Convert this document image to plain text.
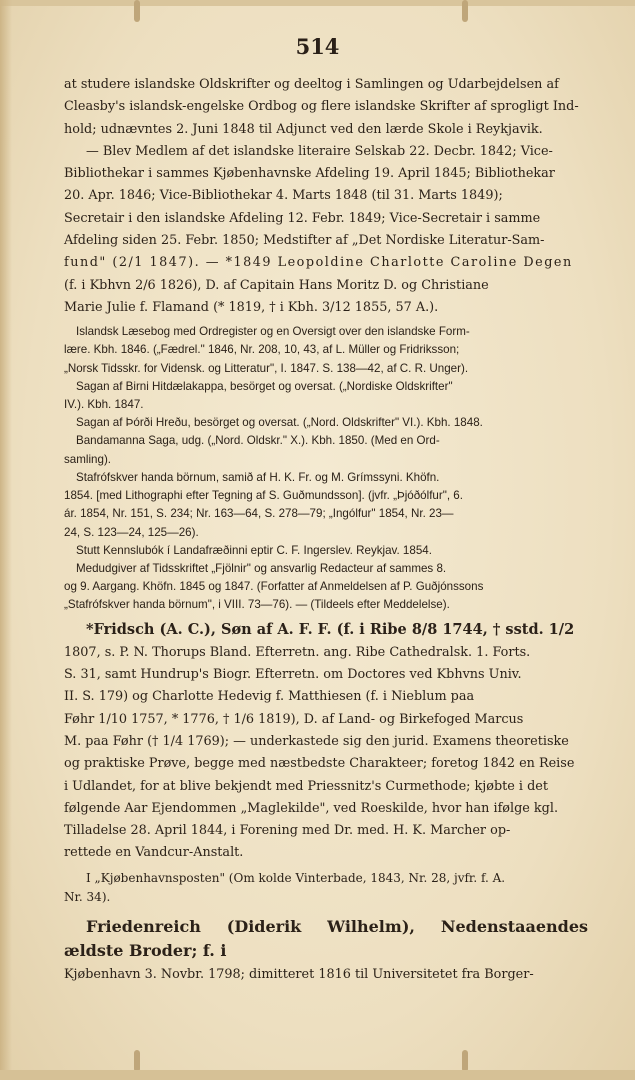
514

at studere islandske Oldskrifter og deeltog i Samlingen og Udarbejdelsen af

Cleasby's islandsk-engelske Ordbog og flere islandske Skrifter af sprogligt Ind-

hold; udnævntes 2. Juni 1848 til Adjunct ved den lærde Skole i Reykjavik.

— Blev Medlem af det islandske literaire Selskab 22. Decbr. 1842; Vice-

Bibliothekar i sammes Kjøbenhavnske Afdeling 19. April 1845; Bibliothekar

20. Apr. 1846; Vice-Bibliothekar 4. Marts 1848 (til 31. Marts 1849);

Secretair i den islandske Afdeling 12. Febr. 1849; Vice-Secretair i samme

Afdeling siden 25. Febr. 1850; Medstifter af „Det Nordiske Literatur-Sam-

fund" (2/1 1847). — *1849 Leopoldine Charlotte Caroline Degen

(f. i Kbhvn 2/6 1826), D. af Capitain Hans Moritz D. og Christiane

Marie Julie f. Flamand (* 1819, † i Kbh. 3/12 1855, 57 A.).

Islandsk Læsebog med Ordregister og en Oversigt over den islandske Form-

lære. Kbh. 1846. („Fædrel." 1846, Nr. 208, 10, 43, af L. Müller og Fridriksson;

„Norsk Tidsskr. for Vidensk. og Litteratur", I. 1847. S. 138—42, af C. R. Unger).

Sagan af Birni Hitdælakappa, besörget og oversat. („Nordiske Oldskrifter"

IV.). Kbh. 1847.

Sagan af Þórði Hreðu, besörget og oversat. („Nord. Oldskrifter" VI.). Kbh. 1848.

Bandamanna Saga, udg. („Nord. Oldskr." X.). Kbh. 1850. (Med en Ord-

samling).

Stafrófskver handa börnum, samið af H. K. Fr. og M. Grímssyni. Khöfn.

1854. [med Lithographi efter Tegning af S. Guðmundsson]. (jvfr. „Þjóðólfur", 6.

ár. 1854, Nr. 151, S. 234; Nr. 163—64, S. 278—79; „Ingólfur" 1854, Nr. 23—

24, S. 123—24, 125—26).

Stutt Kennslubók í Landafræðinni eptir C. F. Ingerslev. Reykjav. 1854.

Medudgiver af Tidsskriftet „Fjölnir" og ansvarlig Redacteur af sammes 8.

og 9. Aargang. Khöfn. 1845 og 1847. (Forfatter af Anmeldelsen af P. Guðjónssons

„Stafrófskver handa börnum", i VIII. 73—76). — (Tildeels efter Meddelelse).

*Fridsch (A. C.), Søn af A. F. F. (f. i Ribe 8/8 1744, † sstd. 1/2

1807, s. P. N. Thorups Bland. Efterretn. ang. Ribe Cathedralsk. 1. Forts.

S. 31, samt Hundrup's Biogr. Efterretn. om Doctores ved Kbhvns Univ.

II. S. 179) og Charlotte Hedevig f. Matthiesen (f. i Nieblum paa

Føhr 1/10 1757, * 1776, † 1/6 1819), D. af Land- og Birkefoged Marcus

M. paa Føhr († 1/4 1769); — underkastede sig den jurid. Examens theoretiske

og praktiske Prøve, begge med næstbedste Charakteer; foretog 1842 en Reise

i Udlandet, for at blive bekjendt med Priessnitz's Curmethode; kjøbte i det

følgende Aar Ejendommen „Maglekilde", ved Roeskilde, hvor han ifølge kgl.

Tilladelse 28. April 1844, i Forening med Dr. med. H. K. Marcher op-

rettede en Vandcur-Anstalt.

I „Kjøbenhavnsposten" (Om kolde Vinterbade, 1843, Nr. 28, jvfr. f. A.

Nr. 34).

Friedenreich (Diderik Wilhelm), Nedenstaaendes ældste Broder; f. i

Kjøbenhavn 3. Novbr. 1798; dimitteret 1816 til Universitetet fra Borger-
